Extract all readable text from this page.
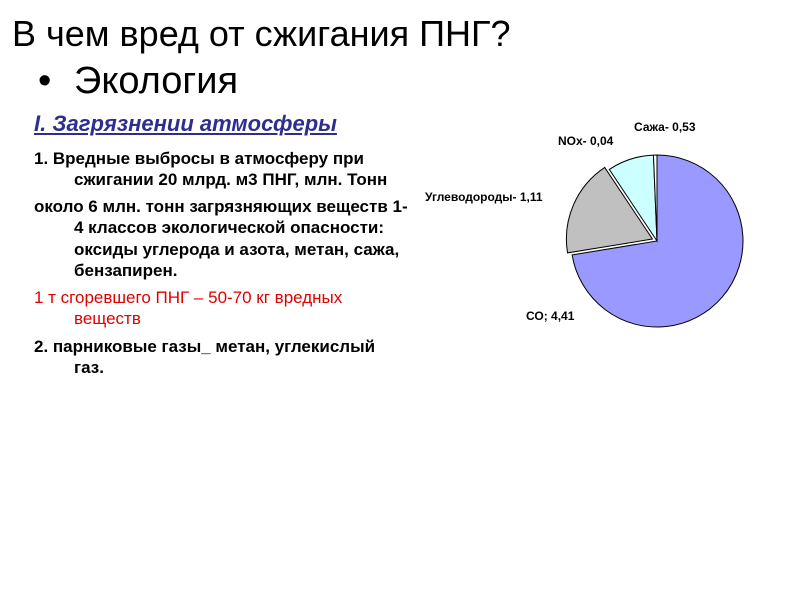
В чем вред от сжигания ПНГ?
• Экология

I. Загрязнении атмосферы

1. Вредные выбросы в атмосферу при сжигании 20 млрд. м3 ПНГ, млн. Тонн

около 6 млн. тонн загрязняющих веществ 1-4 классов экологической опасности: оксиды углерода и азота, метан, сажа, бензапирен.

1 т сгоревшего ПНГ – 50-70 кг вредных веществ

2. парниковые газы_ метан, углекислый газ.

СО; 4,41
Углеводороды- 1,11
NOx- 0,04
Сажа- 0,53
